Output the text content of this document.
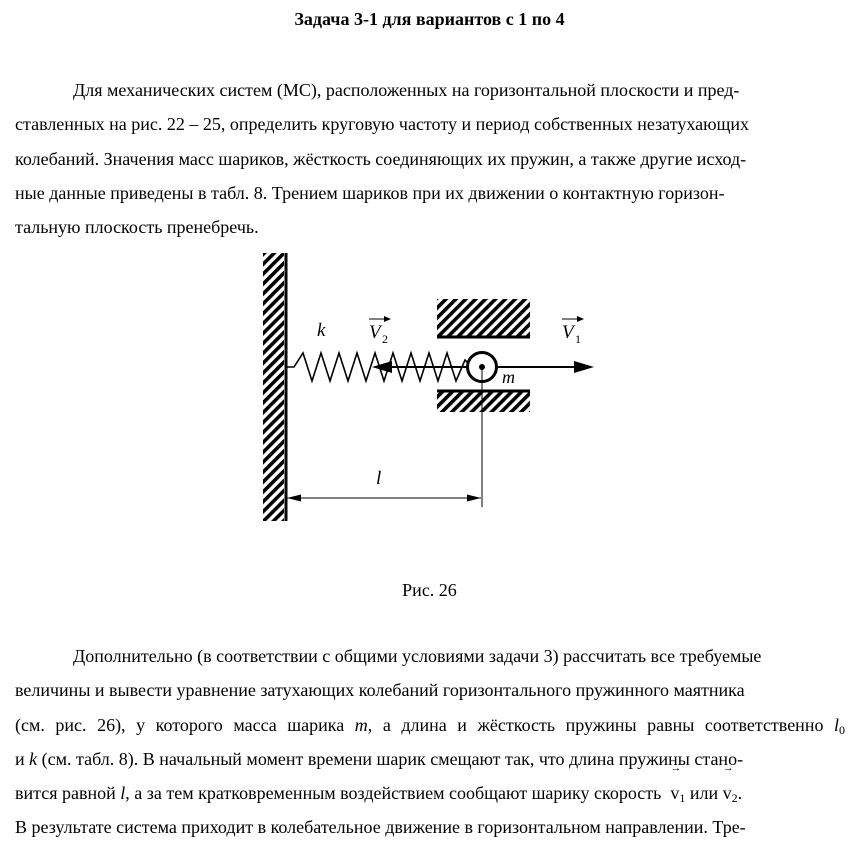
Задача 3-1 для вариантов с 1 по 4
Для механических систем (МС), расположенных на горизонтальной плоскости и пред-
ставленных на рис. 22 – 25, определить круговую частоту и период собственных незатухающих
колебаний. Значения масс шариков, жёсткость соединяющих их пружин, а также другие исход-
ные данные приведены в табл. 8. Трением шариков при их движении о контактную горизон-
тальную плоскость пренебречь.
k V 2	V 1
m
l
Рис. 26
Дополнительно (в соответствии с общими условиями задачи 3) рассчитать все требуемые
величины и вывести уравнение затухающих колебаний горизонтального пружинного маятника
(см. рис. 26), у которого масса шарика m, а длина и жёсткость пружины равны соответственно $l_0$
и k (см. табл. 8). В начальный момент времени шарик смещают так, что длина пружины стано-
вится равной l, а за тем кратковременным воздействием сообщают шарику скорость  → $v_1$ или → $v_2$.
В результате система приходит в колебательное движение в горизонтальном направлении. Тре-
